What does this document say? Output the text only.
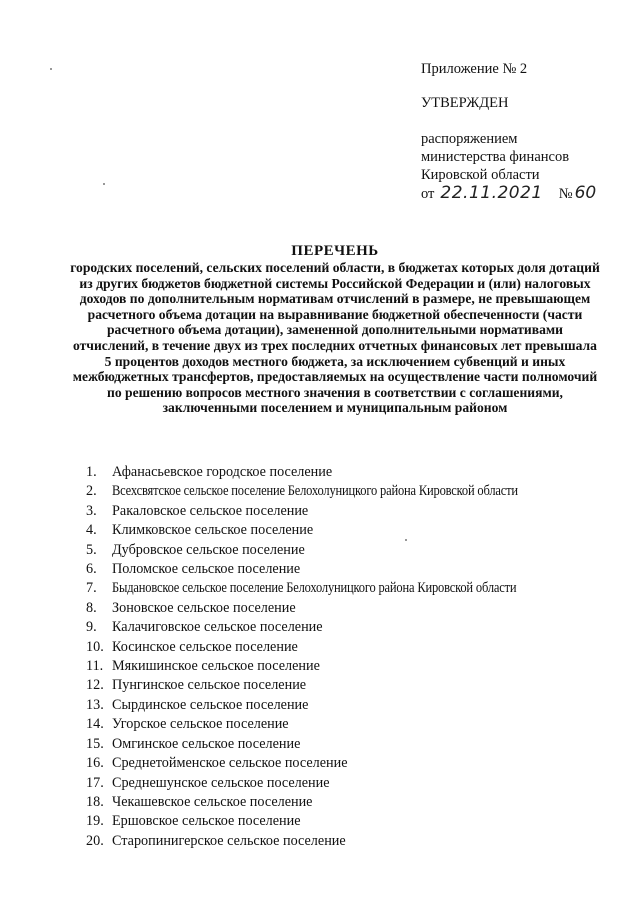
Приложение № 2
УТВЕРЖДЕН
распоряжением
министерства финансов
Кировской области
от 22.11.2021 № 60
ПЕРЕЧЕНЬ
городских поселений, сельских поселений области, в бюджетах которых доля дотаций из других бюджетов бюджетной системы Российской Федерации и (или) налоговых доходов по дополнительным нормативам отчислений в размере, не превышающем расчетного объема дотации на выравнивание бюджетной обеспеченности (части расчетного объема дотации), замененной дополнительными нормативами отчислений, в течение двух из трех последних отчетных финансовых лет превышала 5 процентов доходов местного бюджета, за исключением субвенций и иных межбюджетных трансфертов, предоставляемых на осуществление части полномочий по решению вопросов местного значения в соответствии с соглашениями, заключенными поселением и муниципальным районом
1.	Афанасьевское городское поселение
2.	Всехсвятское сельское поселение Белохолуницкого района Кировской области
3.	Ракаловское сельское поселение
4.	Климковское сельское поселение
5.	Дубровское сельское поселение
6.	Поломское сельское поселение
7.	Быдановское сельское поселение Белохолуницкого района Кировской области
8.	Зоновское сельское поселение
9.	Калачиговское сельское поселение
10. Косинское сельское поселение
11. Мякишинское сельское поселение
12. Пунгинское сельское поселение
13. Сырдинское сельское поселение
14. Угорское сельское поселение
15. Омгинское сельское поселение
16. Среднетойменское сельское поселение
17. Среднешунское сельское поселение
18. Чекашевское сельское поселение
19. Ершовское сельское поселение
20. Старопинигерское сельское поселение
